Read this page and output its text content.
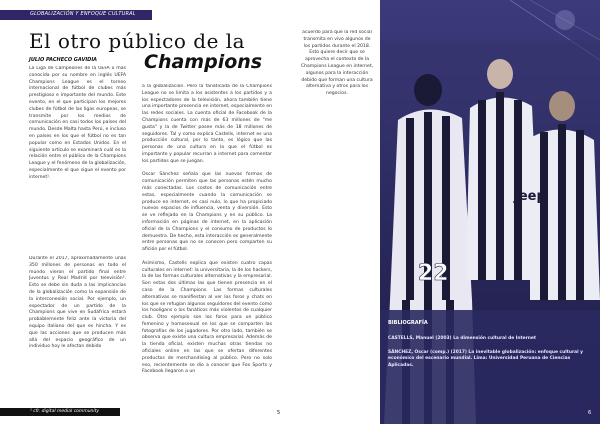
GLOBALIZACIÓN Y ENFOQUE CULTURAL
El otro público de la
Champions
JULIO PACHECO GAVIDIA

La Liga de Campeones de la UEFA o más conocida por su nombre en inglés UEFA Champions League es el torneo internacional de fútbol de clubes más prestigioso e importante del mundo. Este evento, en el que participan los mejores clubes de fútbol de las ligas europeas, se transmite por los medios de comunicación en casi todos los países del mundo. Desde Malta hasta Perú, e incluso en países en los que el fútbol no es tan popular como en Estados Unidos. En el siguiente artículo se examinará cuál es la relación entre el público de la Champions League y el fenómeno de la globalización, especialmente el que sigue el evento por internet¹.

Durante el 2017, aproximadamente unas 350 millones de personas en todo el mundo vieron el partido final entre Juventus y Real Madrid por televisión². Esto se debe sin duda a las implicancias de la globalización como la expansión de la interconexión social. Por ejemplo, un espectador de un partido de la Champions que vive en Sudáfrica estará probablemente feliz ante la victoria del equipo italiano del que es hincha. Y es que las acciones que se producen más allá del espacio geográfico de un individuo hoy le afectan debido

a la globalización. Pero la fanaticada de la Champions League no se limita a los asistentes a los partidos y a los espectadores de la televisión, ahora también tiene una importante presencia en internet, especialmente en las redes sociales. La cuenta oficial de Facebook de la Champions cuenta con más de 63 millones de "me gusta" y la de Twitter posee más de 18 millones de seguidores. Tal y como explica Castells, internet es una producción cultural, por lo tanto, es lógico que las personas de una cultura en la que el fútbol es importante y popular recurran a internet para comentar los partidos que se juegan.

Oscar Sánchez señala que las nuevas formas de comunicación permiten que las personas estén mucho más conectadas. Los costos de comunicación entre estas, especialmente cuando la comunicación se produce en internet, es casi nulo, lo que ha propiciado nuevos espacios de influencia, venta y diversión. Esto se ve reflejado en la Champions y en su público. La información en páginas de internet, en la aplicación oficial de la Champions y el consumo de productos lo demuestra. De hecho, esta interacción es generalmente entre personas que no se conocen pero comparten su afición por el fútbol.

Asimismo, Castells explica que existen cuatro capas culturales en internet: la universitaria, la de los hackers, la de las formas culturales alternativas y la empresarial. Son estas dos últimas las que tienen presencia en el caso de la Champions. Las formas culturales alternativas se manifiestan al ver los foros y chats en los que se refugian algunos seguidores del evento como los hooligans o los fanáticos más violentos de cualquier club. Otro ejemplo son los foros para un público femenino y homosexual en los que se comparten las fotografías de los jugadores. Por otro lado, también se observa que existe una cultura empresarial. Además de la tienda oficial, existen muchas otras tiendas no oficiales online en las que se ofertan diferentes productos de merchandising al público. Pero no solo eso, recientemente se dio a conocer que Fox Sports y Facebook llegaron a un

¹ cfr. digital medial community	5
acuerdo para que la red social transmita en vivo algunos de los partidos durante el 2018. Esto quiere decir que se aprovecha el contexto de la Champions League en internet, algunos para la interacción debido que forman una cultura alternativa y otros para los negocios.
Jeep
22
BIBLIOGRAFÍA
CASTELLS, Manuel (2003) La dimensión cultural de Internet
SÁNCHEZ, Oscar (comp.) (2017) La inevitable globalización: enfoque cultural y económico del escenario mundial. Lima: Universidad Peruana de Ciencias Aplicadas.
6
